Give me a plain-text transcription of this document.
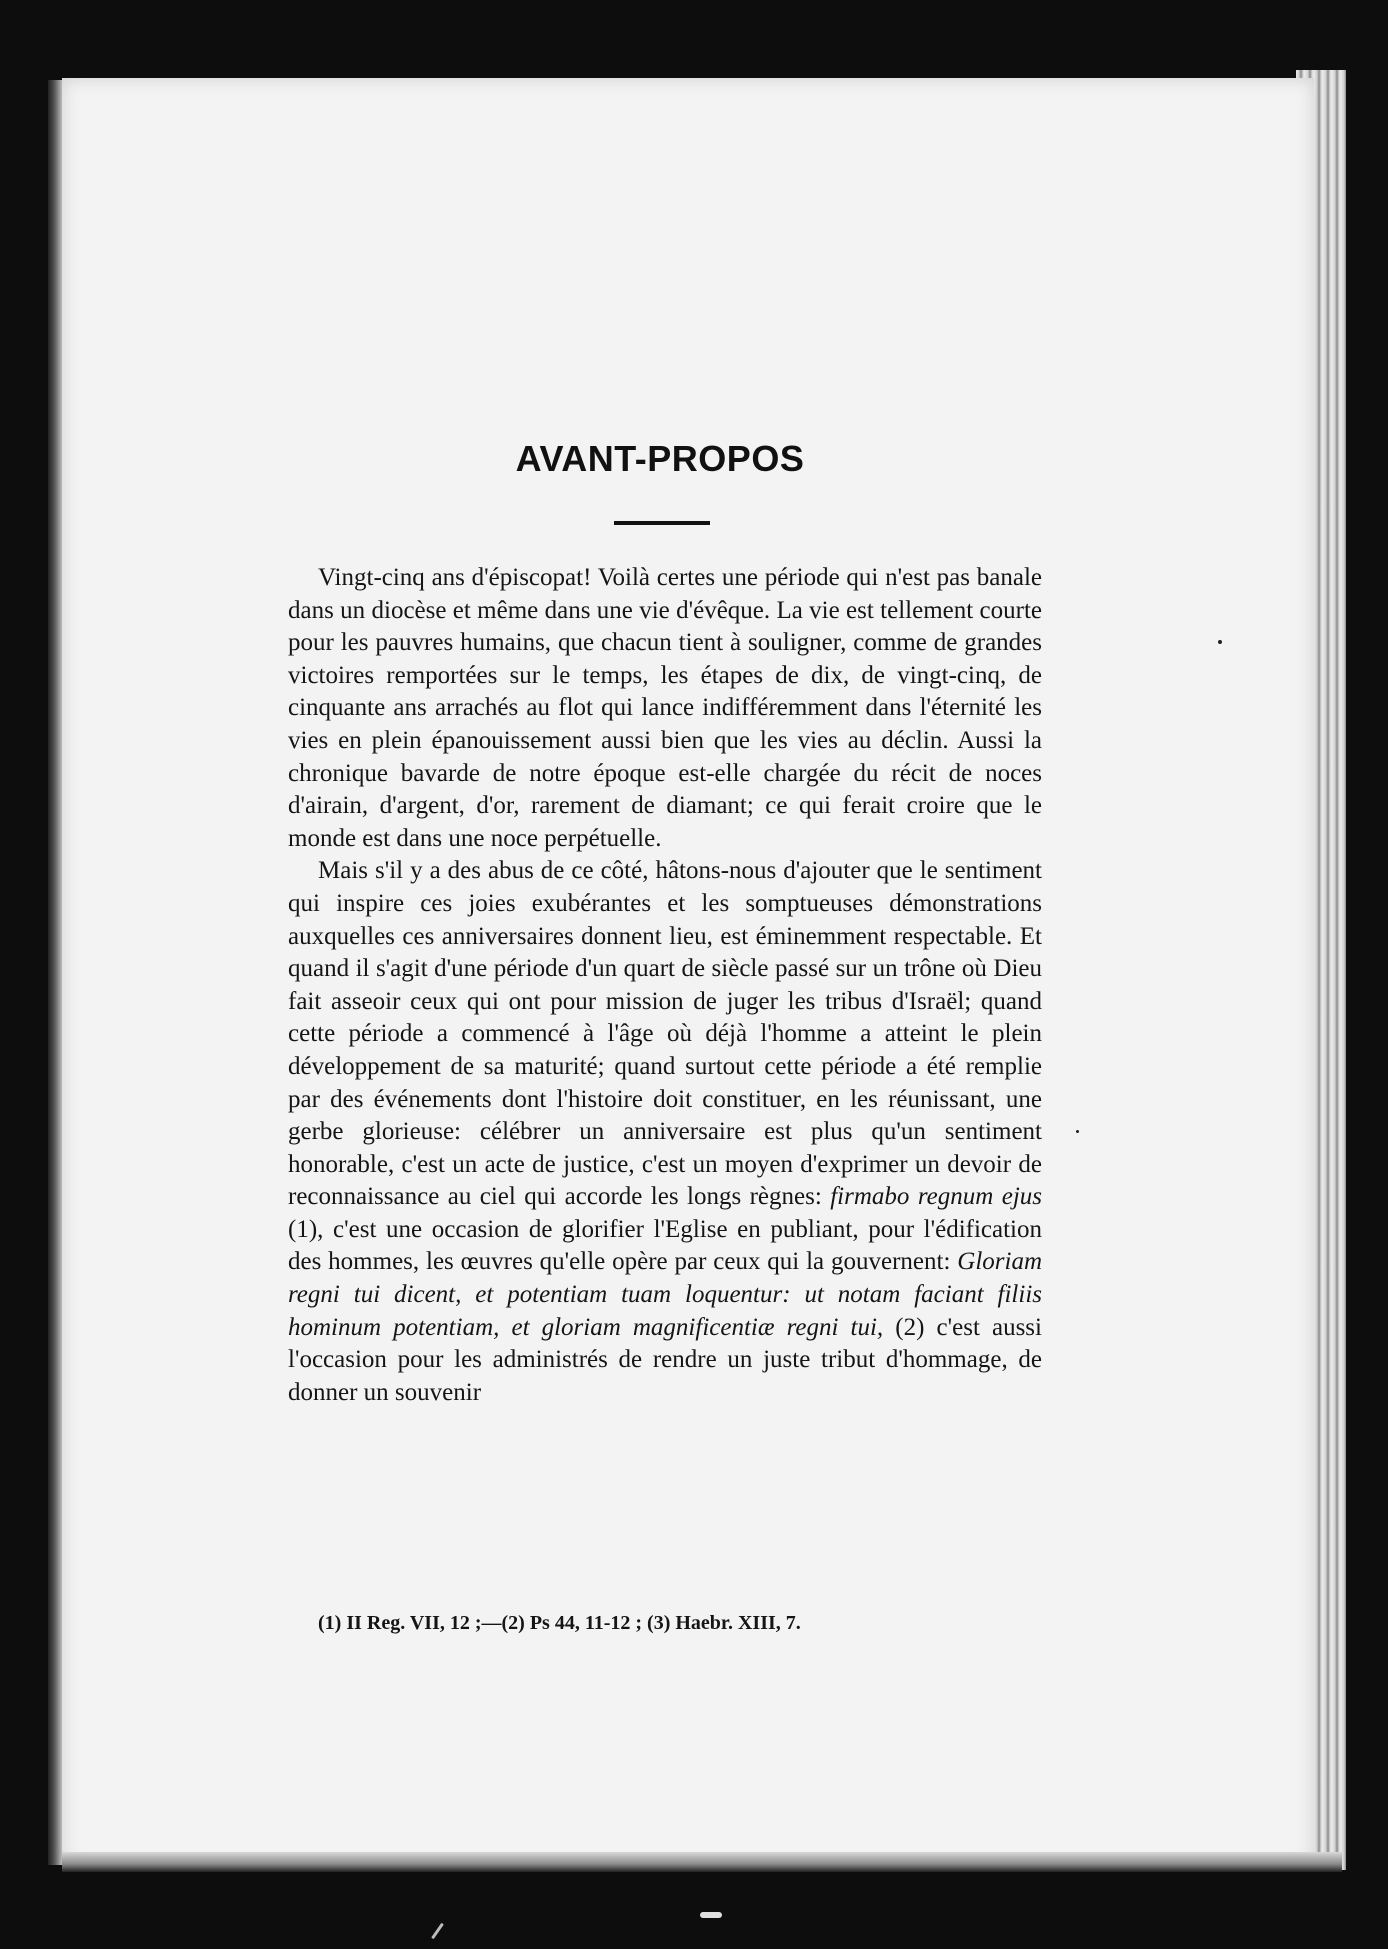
AVANT-PROPOS

Vingt-cinq ans d'épiscopat! Voilà certes une période qui n'est pas banale dans un diocèse et même dans une vie d'évêque. La vie est tellement courte pour les pauvres humains, que chacun tient à souligner, comme de grandes victoires remportées sur le temps, les étapes de dix, de vingt-cinq, de cinquante ans arrachés au flot qui lance indifféremment dans l'éternité les vies en plein épanouissement aussi bien que les vies au déclin. Aussi la chronique bavarde de notre époque est-elle chargée du récit de noces d'airain, d'argent, d'or, rarement de diamant; ce qui ferait croire que le monde est dans une noce perpétuelle.

Mais s'il y a des abus de ce côté, hâtons-nous d'ajouter que le sentiment qui inspire ces joies exubérantes et les somptueuses démonstrations auxquelles ces anniversaires donnent lieu, est éminemment respectable. Et quand il s'agit d'une période d'un quart de siècle passé sur un trône où Dieu fait asseoir ceux qui ont pour mission de juger les tribus d'Israël; quand cette période a commencé à l'âge où déjà l'homme a atteint le plein développement de sa maturité; quand surtout cette période a été remplie par des événements dont l'histoire doit constituer, en les réunissant, une gerbe glorieuse: célébrer un anniversaire est plus qu'un sentiment honorable, c'est un acte de justice, c'est un moyen d'exprimer un devoir de reconnaissance au ciel qui accorde les longs règnes: firmabo regnum ejus (1), c'est une occasion de glorifier l'Eglise en publiant, pour l'édification des hommes, les œuvres qu'elle opère par ceux qui la gouvernent: Gloriam regni tui dicent, et potentiam tuam loquentur: ut notam faciant filiis hominum potentiam, et gloriam magnificentiæ regni tui, (2) c'est aussi l'occasion pour les administrés de rendre un juste tribut d'hommage, de donner un souvenir

(1) II Reg. VII, 12 ;—(2) Ps 44, 11-12 ; (3) Haebr. XIII, 7.
